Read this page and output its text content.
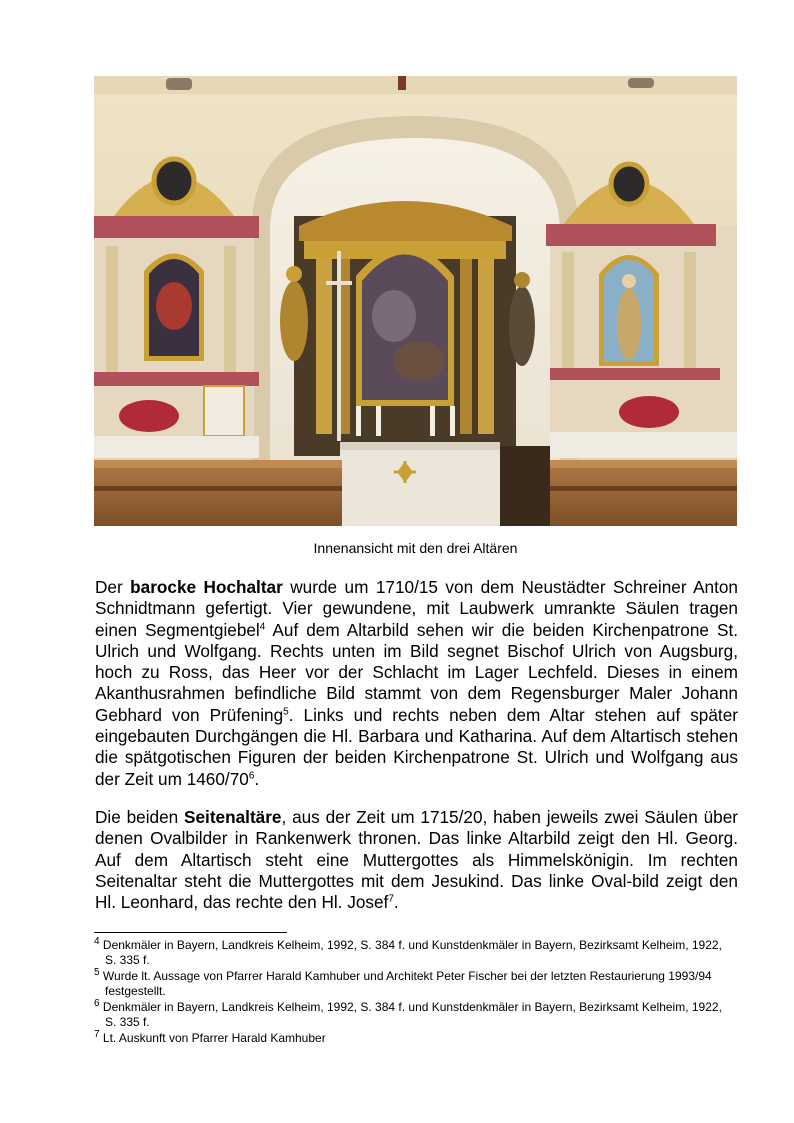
Innenansicht mit den drei Altären

Der barocke Hochaltar wurde um 1710/15 von dem Neustädter Schreiner Anton Schnidtmann gefertigt. Vier gewundene, mit Laubwerk umrankte Säulen tragen einen Segmentgiebel$^4$ Auf dem Altarbild sehen wir die beiden Kirchenpatrone St. Ulrich und Wolfgang. Rechts unten im Bild segnet Bischof Ulrich von Augsburg, hoch zu Ross, das Heer vor der Schlacht im Lager Lechfeld. Dieses in einem Akanthusrahmen befindliche Bild stammt von dem Regensburger Maler Johann Gebhard von Prüfening$^5$. Links und rechts neben dem Altar stehen auf später eingebauten Durchgängen die Hl. Barbara und Katharina. Auf dem Altartisch stehen die spätgotischen Figuren der beiden Kirchenpatrone St. Ulrich und Wolfgang aus der Zeit um $1460/70^6$.

Die beiden Seitenaltäre, aus der Zeit um 1715/20, haben jeweils zwei Säulen über denen Ovalbilder in Rankenwerk thronen. Das linke Altarbild zeigt den Hl. Georg. Auf dem Altartisch steht eine Muttergottes als Himmelskönigin. Im rechten Seitenaltar steht die Muttergottes mit dem Jesukind. Das linke Oval-bild zeigt den Hl. Leonhard, das rechte den Hl. Josef$^7$.

$^4$ Denkmäler in Bayern, Landkreis Kelheim, 1992, S. 384 f. und Kunstdenkmäler in Bayern, Bezirksamt Kelheim, 1922, S. 335 f.

$^5$ Wurde lt. Aussage von Pfarrer Harald Kamhuber und Architekt Peter Fischer bei der letzten Restaurierung 1993/94 festgestellt.

$^6$ Denkmäler in Bayern, Landkreis Kelheim, 1992, S. 384 f. und Kunstdenkmäler in Bayern, Bezirksamt Kelheim, 1922, S. 335 f.

$^7$ Lt. Auskunft von Pfarrer Harald Kamhuber
